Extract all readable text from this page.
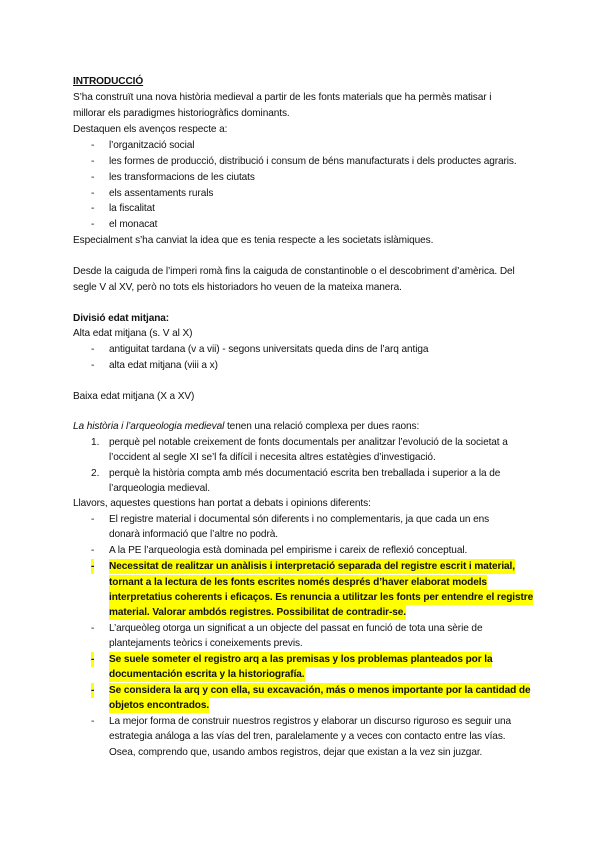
INTRODUCCIÓ
S’ha construït una nova història medieval a partir de les fonts materials que ha permès matisar i
millorar els paradigmes historiogràfics dominants.
Destaquen els avenços respecte a:
- l’organització social
- les formes de producció, distribució i consum de béns manufacturats i dels productes agraris.
- les transformacions de les ciutats
- els assentaments rurals
- la fiscalitat
- el monacat
Especialment s’ha canviat la idea que es tenia respecte a les societats islàmiques.
Desde la caiguda de l’imperi romà fins la caiguda de constantinoble o el descobriment d’amèrica. Del
segle V al XV, però no tots els historiadors ho veuen de la mateixa manera.
Divisió edat mitjana:
Alta edat mitjana (s. V al X)
- antiguitat tardana (v a vii) - segons universitats queda dins de l’arq antiga
- alta edat mitjana (viii a x)
Baixa edat mitjana (X a XV)
La història i l’arqueologia medieval tenen una relació complexa per dues raons:
1. perquè pel notable creixement de fonts documentals per analitzar l’evolució de la societat a
l’occident al segle XI se’l fa difícil i necesita altres estatègies d’investigació.
2. perquè la història compta amb més documentació escrita ben treballada i superior a la de
l’arqueologia medieval.
Llavors, aquestes questions han portat a debats i opinions diferents:
- El registre material i documental són diferents i no complementaris, ja que cada un ens
donarà informació que l’altre no podrà.
- A la PE l’arqueologia està dominada pel empirisme i careix de reflexió conceptual.
- Necessitat de realitzar un anàlisis i interpretació separada del registre escrit i material,
tornant a la lectura de les fonts escrites només després d’haver elaborat models
interpretatius coherents i eficaços. Es renuncia a utilitzar les fonts per entendre el registre
material. Valorar ambdós registres. Possibilitat de contradir-se.
- L’arqueòleg otorga un significat a un objecte del passat en funció de tota una sèrie de
plantejaments teòrics i coneixements previs.
- Se suele someter el registro arq a las premisas y los problemas planteados por la
documentación escrita y la historiografía.
- Se considera la arq y con ella, su excavación, más o menos importante por la cantidad de
objetos encontrados.
- La mejor forma de construir nuestros registros y elaborar un discurso riguroso es seguir una
estrategia análoga a las vías del tren, paralelamente y a veces con contacto entre las vías.
Osea, comprendo que, usando ambos registros, dejar que existan a la vez sin juzgar.
